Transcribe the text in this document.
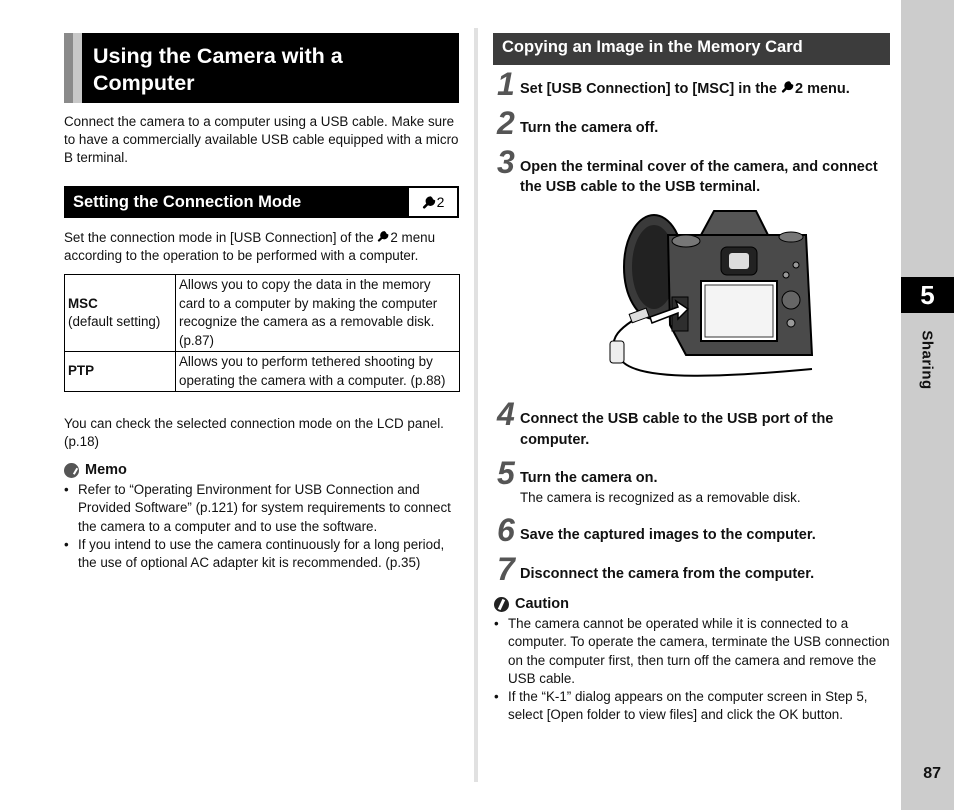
Using the Camera with a Computer
Connect the camera to a computer using a USB cable. Make sure to have a commercially available USB cable equipped with a micro B terminal.
Setting the Connection Mode	2
Set the connection mode in [USB Connection] of the 2 menu according to the operation to be performed with a computer.
MSC
(default setting)	Allows you to copy the data in the memory card to a computer by making the computer recognize the camera as a removable disk. (p.87)
PTP	Allows you to perform tethered shooting by operating the camera with a computer. (p.88)
You can check the selected connection mode on the LCD panel. (p.18)
Memo
• Refer to “Operating Environment for USB Connection and Provided Software” (p.121) for system requirements to connect the camera to a computer and to use the software.
• If you intend to use the camera continuously for a long period, the use of optional AC adapter kit is recommended. (p.35)
Copying an Image in the Memory Card
1 Set [USB Connection] to [MSC] in the 2 menu.
2 Turn the camera off.
3 Open the terminal cover of the camera, and connect the USB cable to the USB terminal.
4 Connect the USB cable to the USB port of the computer.
5 Turn the camera on.
The camera is recognized as a removable disk.
6 Save the captured images to the computer.
7 Disconnect the camera from the computer.
Caution
• The camera cannot be operated while it is connected to a computer. To operate the camera, terminate the USB connection on the computer first, then turn off the camera and remove the USB cable.
• If the “K-1” dialog appears on the computer screen in Step 5, select [Open folder to view files] and click the OK button.
5
Sharing
87
